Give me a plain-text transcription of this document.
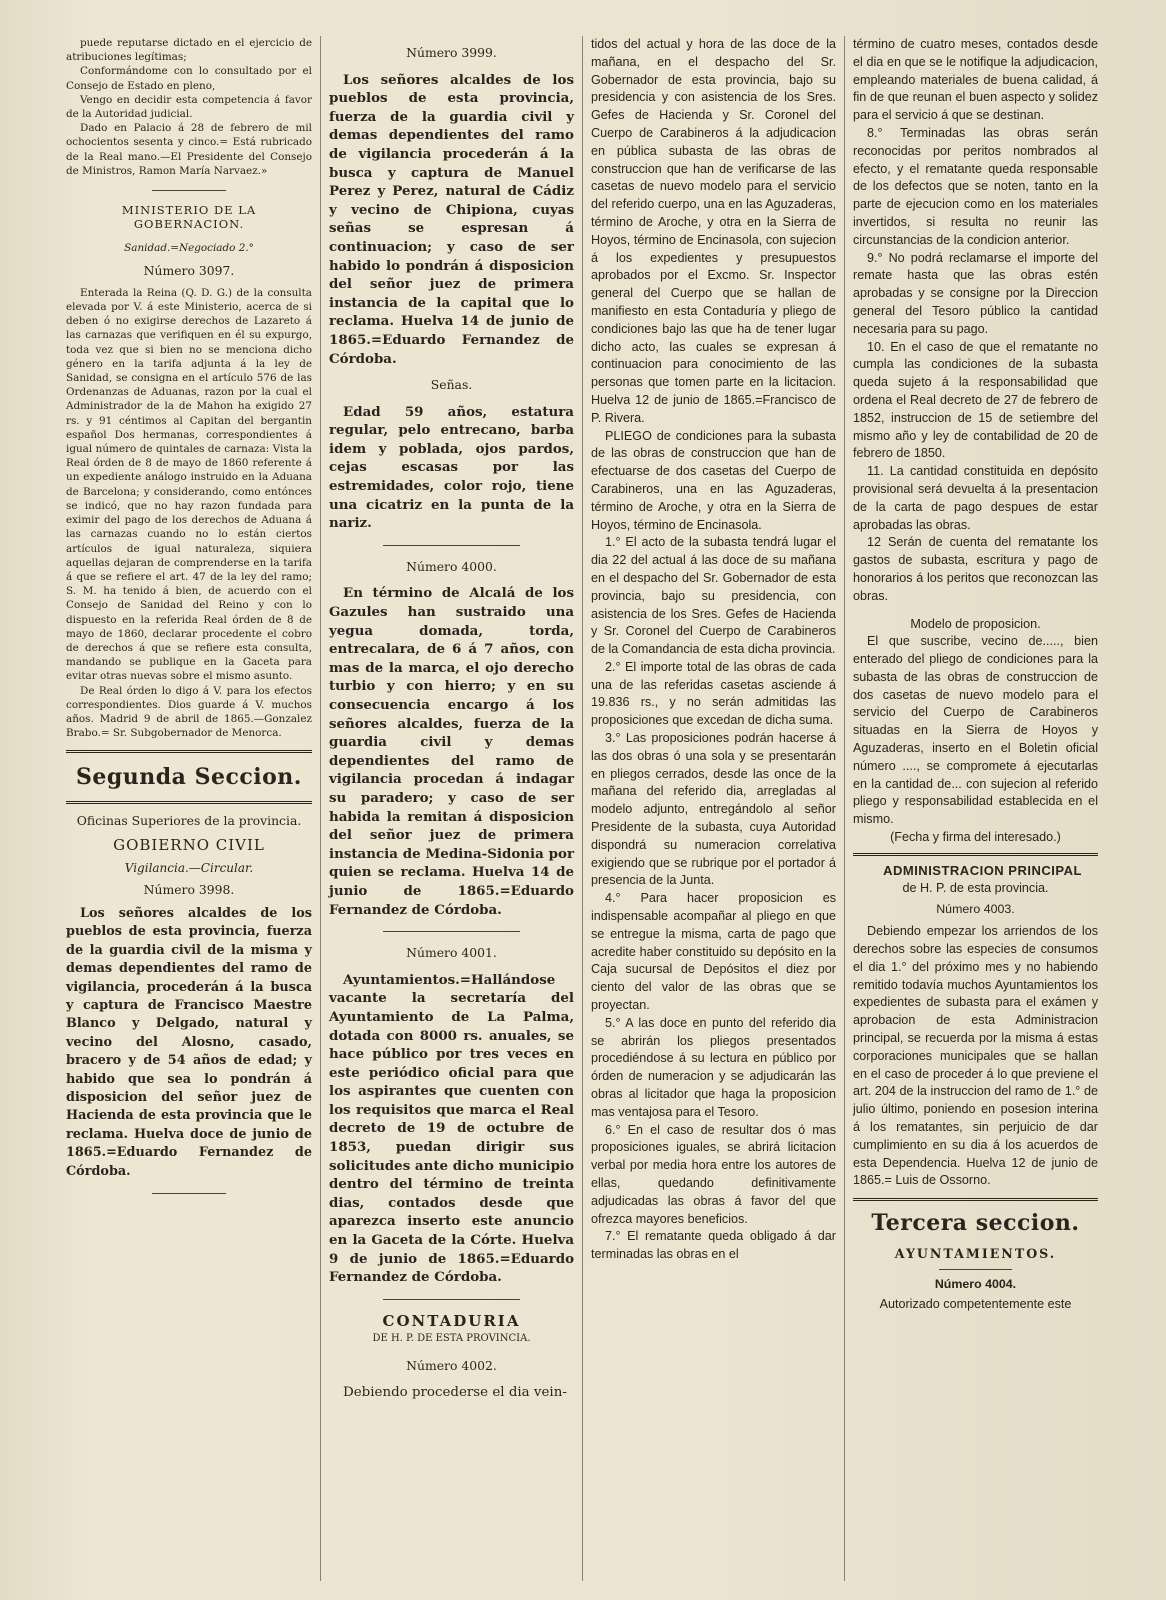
puede reputarse dictado en el ejercicio de atribuciones legítimas;

Conformándome con lo consultado por el Consejo de Estado en pleno,

Vengo en decidir esta competencia á favor de la Autoridad judicial.

Dado en Palacio á 28 de febrero de mil ochocientos sesenta y cinco.= Está rubricado de la Real mano.—El Presidente del Consejo de Ministros, Ramon María Narvaez.»

MINISTERIO DE LA GOBERNACION.

Sanidad.=Negociado 2.°

Número 3097.

Enterada la Reina (Q. D. G.) de la consulta elevada por V. á este Ministerio, acerca de si deben ó no exigirse derechos de Lazareto á las carnazas que verifiquen en él su expurgo, toda vez que si bien no se menciona dicho género en la tarifa adjunta á la ley de Sanidad, se consigna en el artículo 576 de las Ordenanzas de Aduanas, razon por la cual el Administrador de la de Mahon ha exigido 27 rs. y 91 céntimos al Capitan del bergantin español Dos hermanas, correspondientes á igual número de quintales de carnaza: Vista la Real órden de 8 de mayo de 1860 referente á un expediente análogo instruido en la Aduana de Barcelona; y considerando, como entónces se indicó, que no hay razon fundada para eximir del pago de los derechos de Aduana á las carnazas cuando no lo están ciertos artículos de igual naturaleza, siquiera aquellas dejaran de comprenderse en la tarifa á que se refiere el art. 47 de la ley del ramo; S. M. ha tenido á bien, de acuerdo con el Consejo de Sanidad del Reino y con lo dispuesto en la referida Real órden de 8 de mayo de 1860, declarar procedente el cobro de derechos á que se refiere esta consulta, mandando se publique en la Gaceta para evitar otras nuevas sobre el mismo asunto.

De Real órden lo digo á V. para los efectos correspondientes. Dios guarde á V. muchos años. Madrid 9 de abril de 1865.—Gonzalez Brabo.= Sr. Subgobernador de Menorca.

Segunda Seccion.

Oficinas Superiores de la provincia.

GOBIERNO CIVIL

Vigilancia.—Circular.

Número 3998.

Los señores alcaldes de los pueblos de esta provincia, fuerza de la guardia civil de la misma y demas dependientes del ramo de vigilancia, procederán á la busca y captura de Francisco Maestre Blanco y Delgado, natural y vecino del Alosno, casado, bracero y de 54 años de edad; y habido que sea lo pondrán á disposicion del señor juez de Hacienda de esta provincia que le reclama. Huelva doce de junio de 1865.=Eduardo Fernandez de Córdoba.

Número 3999.

Los señores alcaldes de los pueblos de esta provincia, fuerza de la guardia civil y demas dependientes del ramo de vigilancia procederán á la busca y captura de Manuel Perez y Perez, natural de Cádiz y vecino de Chipiona, cuyas señas se espresan á continuacion; y caso de ser habido lo pondrán á disposicion del señor juez de primera instancia de la capital que lo reclama. Huelva 14 de junio de 1865.=Eduardo Fernandez de Córdoba.

Señas.

Edad 59 años, estatura regular, pelo entrecano, barba idem y poblada, ojos pardos, cejas escasas por las estremidades, color rojo, tiene una cicatriz en la punta de la nariz.

Número 4000.

En término de Alcalá de los Gazules han sustraido una yegua domada, torda, entrecalara, de 6 á 7 años, con mas de la marca, el ojo derecho turbio y con hierro; y en su consecuencia encargo á los señores alcaldes, fuerza de la guardia civil y demas dependientes del ramo de vigilancia procedan á indagar su paradero; y caso de ser habida la remitan á disposicion del señor juez de primera instancia de Medina-Sidonia por quien se reclama. Huelva 14 de junio de 1865.=Eduardo Fernandez de Córdoba.

Número 4001.

Ayuntamientos.=Hallándose vacante la secretaría del Ayuntamiento de La Palma, dotada con 8000 rs. anuales, se hace público por tres veces en este periódico oficial para que los aspirantes que cuenten con los requisitos que marca el Real decreto de 19 de octubre de 1853, puedan dirigir sus solicitudes ante dicho municipio dentro del término de treinta dias, contados desde que aparezca inserto este anuncio en la Gaceta de la Córte. Huelva 9 de junio de 1865.=Eduardo Fernandez de Córdoba.

CONTADURIA

DE H. P. DE ESTA PROVINCIA.

Número 4002.

Debiendo procederse el dia vein-

tidos del actual y hora de las doce de la mañana, en el despacho del Sr. Gobernador de esta provincia, bajo su presidencia y con asistencia de los Sres. Gefes de Hacienda y Sr. Coronel del Cuerpo de Carabineros á la adjudicacion en pública subasta de las obras de construccion que han de verificarse de las casetas de nuevo modelo para el servicio del referido cuerpo, una en las Aguzaderas, término de Aroche, y otra en la Sierra de Hoyos, término de Encinasola, con sujecion á los expedientes y presupuestos aprobados por el Excmo. Sr. Inspector general del Cuerpo que se hallan de manifiesto en esta Contaduría y pliego de condiciones bajo las que ha de tener lugar dicho acto, las cuales se expresan á continuacion para conocimiento de las personas que tomen parte en la licitacion. Huelva 12 de junio de 1865.=Francisco de P. Rivera.

PLIEGO de condiciones para la subasta de las obras de construccion que han de efectuarse de dos casetas del Cuerpo de Carabineros, una en las Aguzaderas, término de Aroche, y otra en la Sierra de Hoyos, término de Encinasola.

1.° El acto de la subasta tendrá lugar el dia 22 del actual á las doce de su mañana en el despacho del Sr. Gobernador de esta provincia, bajo su presidencia, con asistencia de los Sres. Gefes de Hacienda y Sr. Coronel del Cuerpo de Carabineros de la Comandancia de esta dicha provincia.

2.° El importe total de las obras de cada una de las referidas casetas asciende á 19.836 rs., y no serán admitidas las proposiciones que excedan de dicha suma.

3.° Las proposiciones podrán hacerse á las dos obras ó una sola y se presentarán en pliegos cerrados, desde las once de la mañana del referido dia, arregladas al modelo adjunto, entregándolo al señor Presidente de la subasta, cuya Autoridad dispondrá su numeracion correlativa exigiendo que se rubrique por el portador á presencia de la Junta.

4.° Para hacer proposicion es indispensable acompañar al pliego en que se entregue la misma, carta de pago que acredite haber constituido su depósito en la Caja sucursal de Depósitos el diez por ciento del valor de las obras que se proyectan.

5.° A las doce en punto del referido dia se abrirán los pliegos presentados procediéndose á su lectura en público por órden de numeracion y se adjudicarán las obras al licitador que haga la proposicion mas ventajosa para el Tesoro.

6.° En el caso de resultar dos ó mas proposiciones iguales, se abrirá licitacion verbal por media hora entre los autores de ellas, quedando definitivamente adjudicadas las obras á favor del que ofrezca mayores beneficios.

7.° El rematante queda obligado á dar terminadas las obras en el

término de cuatro meses, contados desde el dia en que se le notifique la adjudicacion, empleando materiales de buena calidad, á fin de que reunan el buen aspecto y solidez para el servicio á que se destinan.

8.° Terminadas las obras serán reconocidas por peritos nombrados al efecto, y el rematante queda responsable de los defectos que se noten, tanto en la parte de ejecucion como en los materiales invertidos, si resulta no reunir las circunstancias de la condicion anterior.

9.° No podrá reclamarse el importe del remate hasta que las obras estén aprobadas y se consigne por la Direccion general del Tesoro público la cantidad necesaria para su pago.

10. En el caso de que el rematante no cumpla las condiciones de la subasta queda sujeto á la responsabilidad que ordena el Real decreto de 27 de febrero de 1852, instruccion de 15 de setiembre del mismo año y ley de contabilidad de 20 de febrero de 1850.

11. La cantidad constituida en depósito provisional será devuelta á la presentacion de la carta de pago despues de estar aprobadas las obras.

12 Serán de cuenta del rematante los gastos de subasta, escritura y pago de honorarios á los peritos que reconozcan las obras.

Modelo de proposicion.

El que suscribe, vecino de....., bien enterado del pliego de condiciones para la subasta de las obras de construccion de dos casetas de nuevo modelo para el servicio del Cuerpo de Carabineros situadas en la Sierra de Hoyos y Aguzaderas, inserto en el Boletin oficial número ...., se compromete á ejecutarlas en la cantidad de... con sujecion al referido pliego y responsabilidad establecida en el mismo.

(Fecha y firma del interesado.)

ADMINISTRACION PRINCIPAL

de H. P. de esta provincia.

Número 4003.

Debiendo empezar los arriendos de los derechos sobre las especies de consumos el dia 1.° del próximo mes y no habiendo remitido todavía muchos Ayuntamientos los expedientes de subasta para el exámen y aprobacion de esta Administracion principal, se recuerda por la misma á estas corporaciones municipales que se hallan en el caso de proceder á lo que previene el art. 204 de la instruccion del ramo de 1.° de julio último, poniendo en posesion interina á los rematantes, sin perjuicio de dar cumplimiento en su dia á los acuerdos de esta Dependencia. Huelva 12 de junio de 1865.= Luis de Ossorno.

Tercera seccion.

AYUNTAMIENTOS.

Número 4004.

Autorizado competentemente este
